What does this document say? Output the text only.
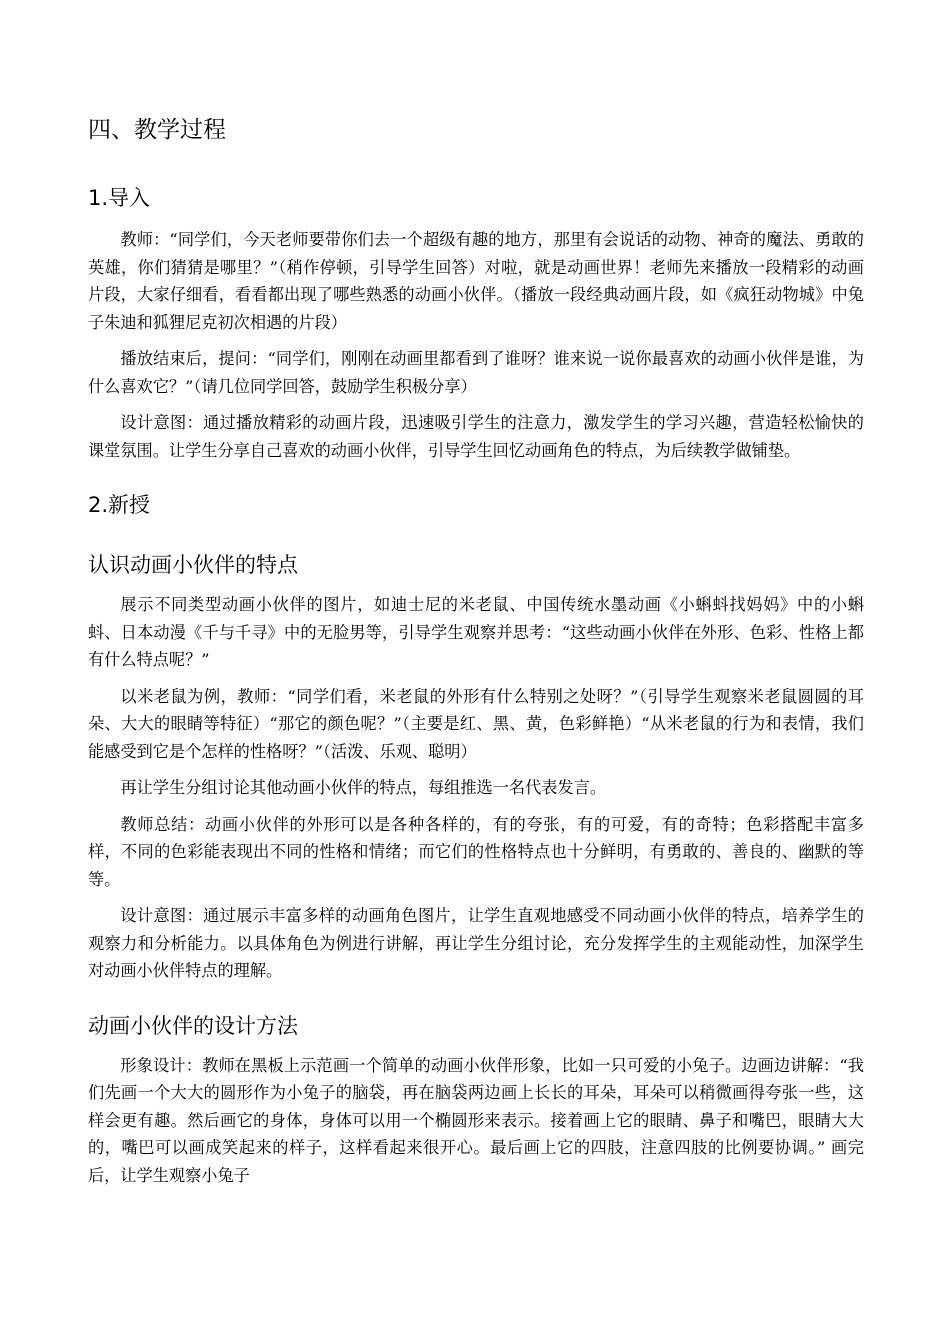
四、教学过程
1.导入

教师：“同学们，今天老师要带你们去一个超级有趣的地方，那里有会说话的动物、神奇的魔法、勇敢的英雄，你们猜猜是哪里？”（稍作停顿，引导学生回答）对啦，就是动画世界！老师先来播放一段精彩的动画片段，大家仔细看，看看都出现了哪些熟悉的动画小伙伴。（播放一段经典动画片段，如《疯狂动物城》中兔子朱迪和狐狸尼克初次相遇的片段）

播放结束后，提问：“同学们，刚刚在动画里都看到了谁呀？谁来说一说你最喜欢的动画小伙伴是谁，为什么喜欢它？”（请几位同学回答，鼓励学生积极分享）

设计意图：通过播放精彩的动画片段，迅速吸引学生的注意力，激发学生的学习兴趣，营造轻松愉快的课堂氛围。让学生分享自己喜欢的动画小伙伴，引导学生回忆动画角色的特点，为后续教学做铺垫。

2.新授
认识动画小伙伴的特点

展示不同类型动画小伙伴的图片，如迪士尼的米老鼠、中国传统水墨动画《小蝌蚪找妈妈》中的小蝌蚪、日本动漫《千与千寻》中的无脸男等，引导学生观察并思考：“这些动画小伙伴在外形、色彩、性格上都有什么特点呢？”

以米老鼠为例，教师：“同学们看，米老鼠的外形有什么特别之处呀？”（引导学生观察米老鼠圆圆的耳朵、大大的眼睛等特征）“那它的颜色呢？”（主要是红、黑、黄，色彩鲜艳）“从米老鼠的行为和表情，我们能感受到它是个怎样的性格呀？”（活泼、乐观、聪明）

再让学生分组讨论其他动画小伙伴的特点，每组推选一名代表发言。

教师总结：动画小伙伴的外形可以是各种各样的，有的夸张，有的可爱，有的奇特；色彩搭配丰富多样，不同的色彩能表现出不同的性格和情绪；而它们的性格特点也十分鲜明，有勇敢的、善良的、幽默的等等。

设计意图：通过展示丰富多样的动画角色图片，让学生直观地感受不同动画小伙伴的特点，培养学生的观察力和分析能力。以具体角色为例进行讲解，再让学生分组讨论，充分发挥学生的主观能动性，加深学生对动画小伙伴特点的理解。

动画小伙伴的设计方法

形象设计：教师在黑板上示范画一个简单的动画小伙伴形象，比如一只可爱的小兔子。边画边讲解：“我们先画一个大大的圆形作为小兔子的脑袋，再在脑袋两边画上长长的耳朵，耳朵可以稍微画得夸张一些，这样会更有趣。然后画它的身体，身体可以用一个椭圆形来表示。接着画上它的眼睛、鼻子和嘴巴，眼睛大大的，嘴巴可以画成笑起来的样子，这样看起来很开心。最后画上它的四肢，注意四肢的比例要协调。” 画完后，让学生观察小兔子
